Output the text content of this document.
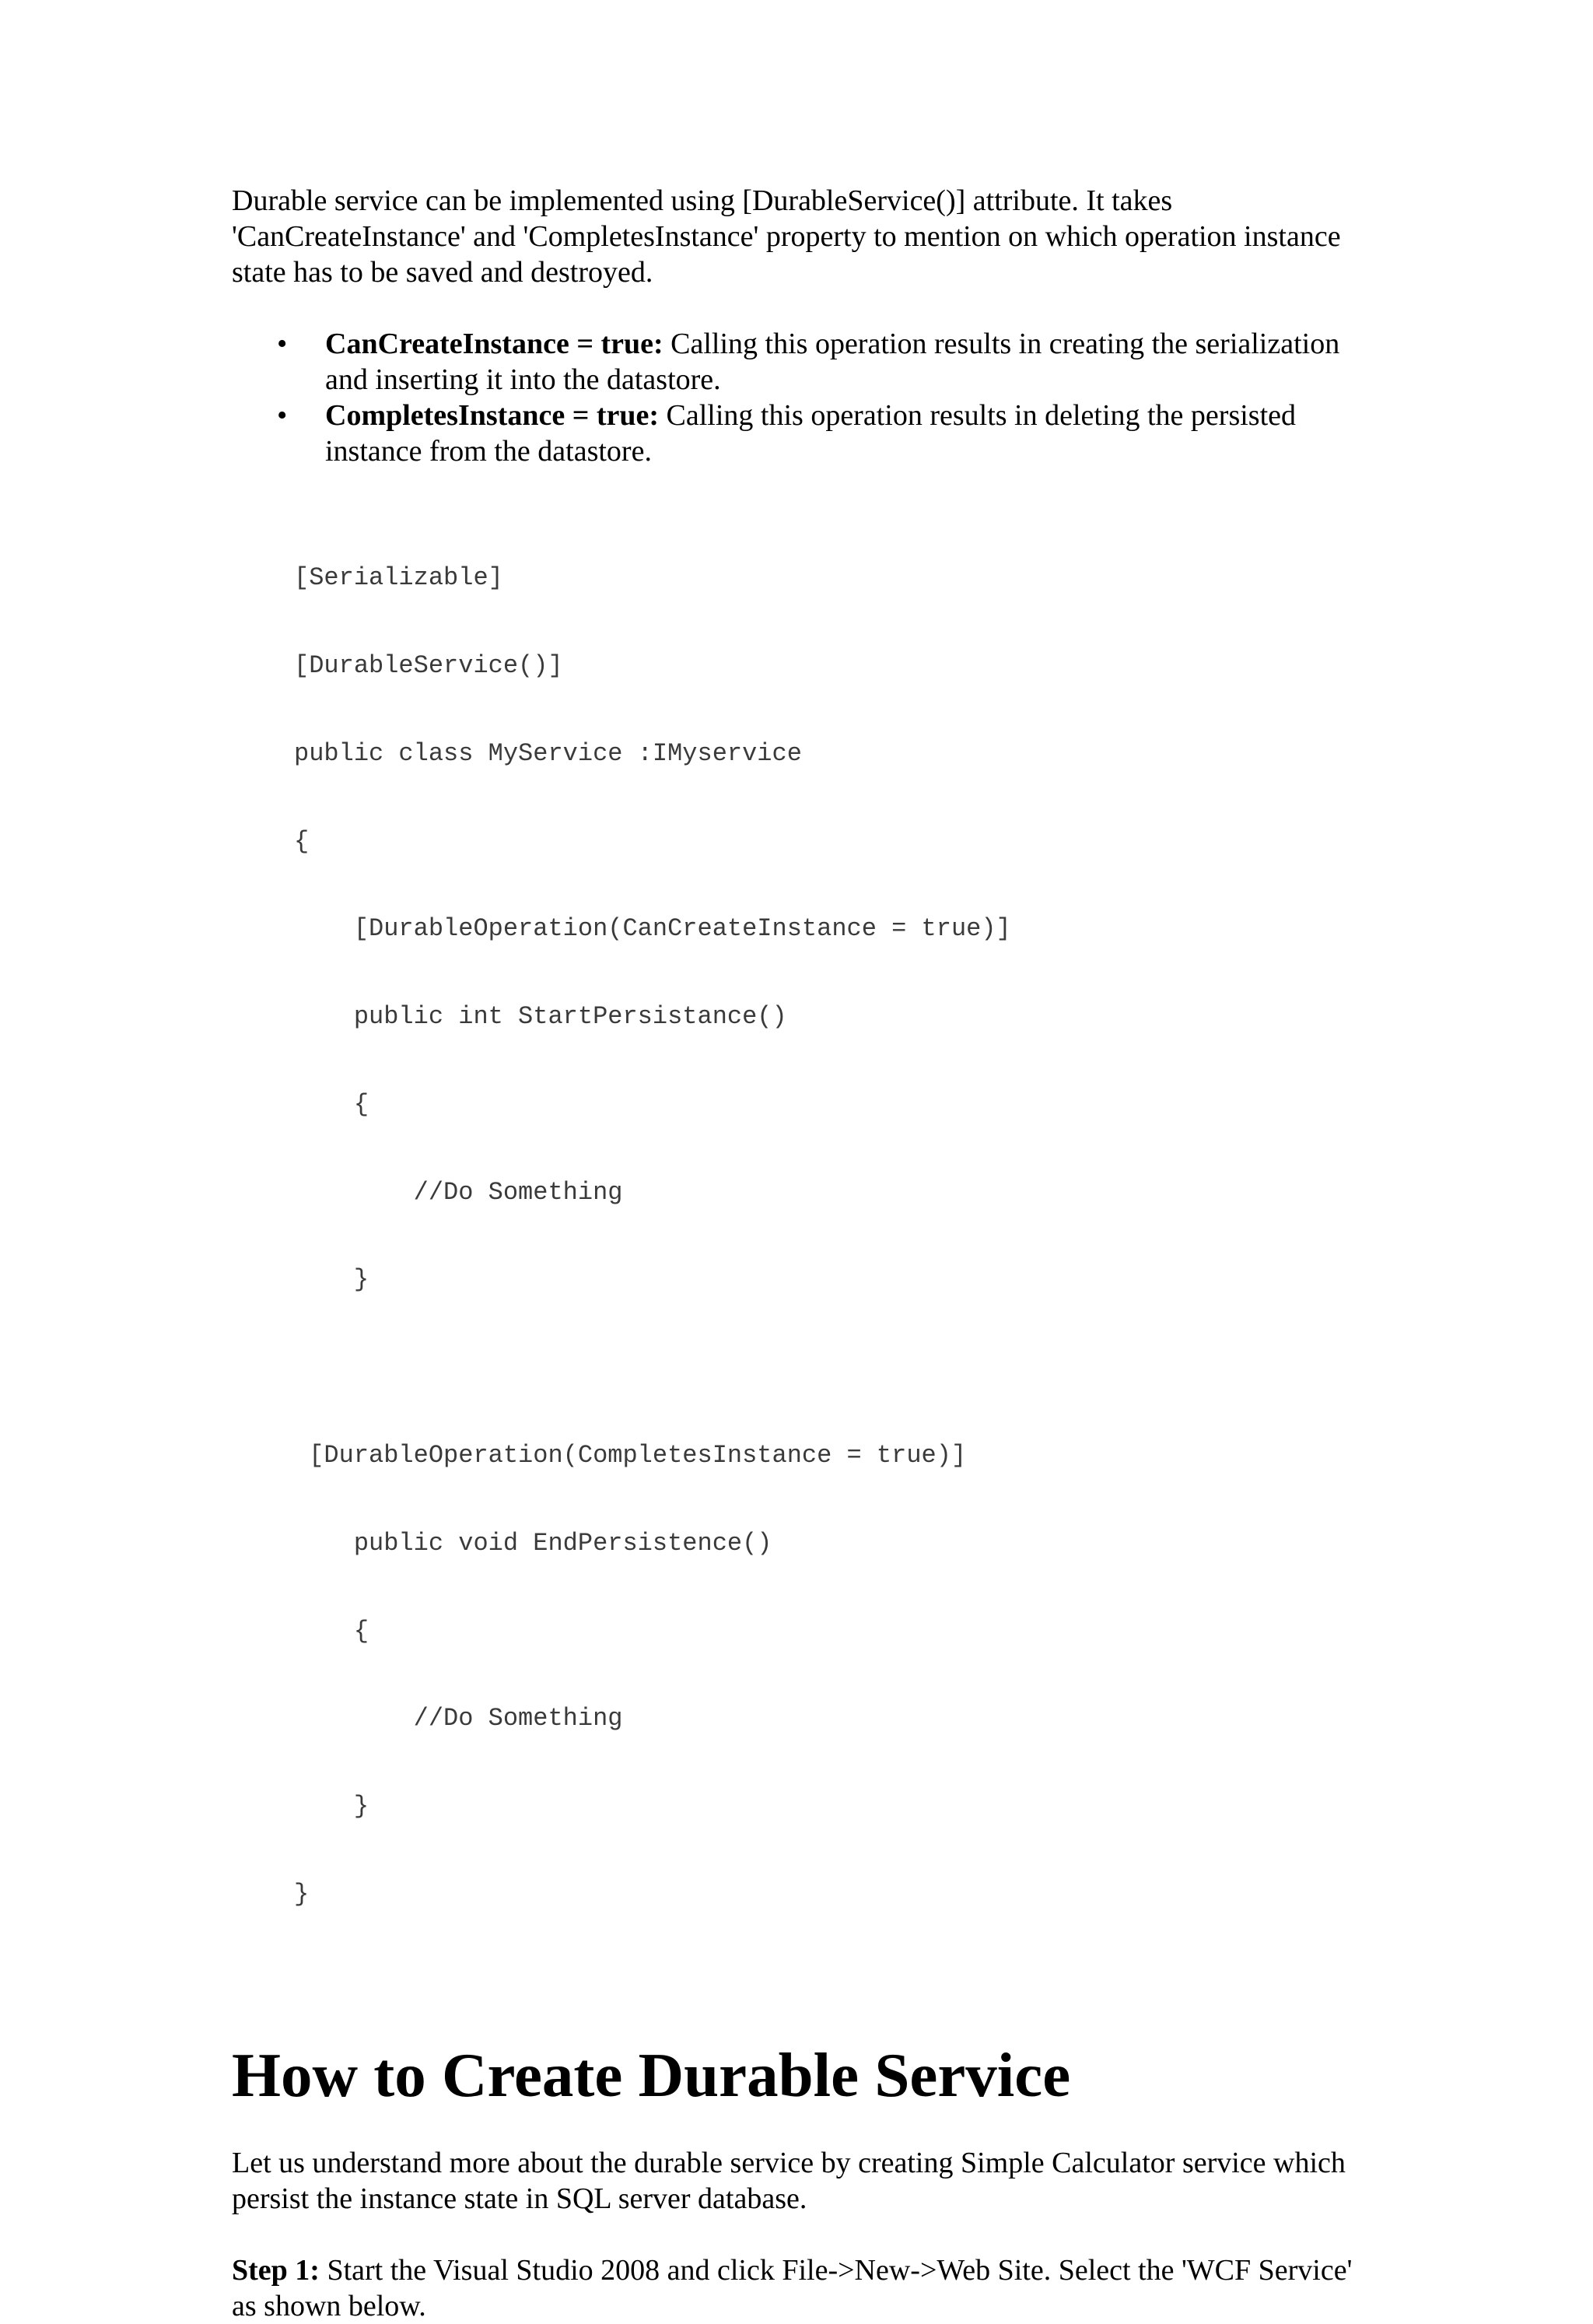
Durable service can be implemented using [DurableService()] attribute. It takes 'CanCreateInstance' and 'CompletesInstance' property to mention on which operation instance state has to be saved and destroyed.

• CanCreateInstance = true: Calling this operation results in creating the serialization and inserting it into the datastore.
• CompletesInstance = true: Calling this operation results in deleting the persisted instance from the datastore.

[Serializable]

[DurableService()]

public class MyService :IMyservice

{

[DurableOperation(CanCreateInstance = true)]

public int StartPersistance()

{

//Do Something

}

[DurableOperation(CompletesInstance = true)]

public void EndPersistence()

{

//Do Something

}

}

How to Create Durable Service

Let us understand more about the durable service by creating Simple Calculator service which persist the instance state in SQL server database.

Step 1: Start the Visual Studio 2008 and click File->New->Web Site. Select the 'WCF Service' as shown below.
